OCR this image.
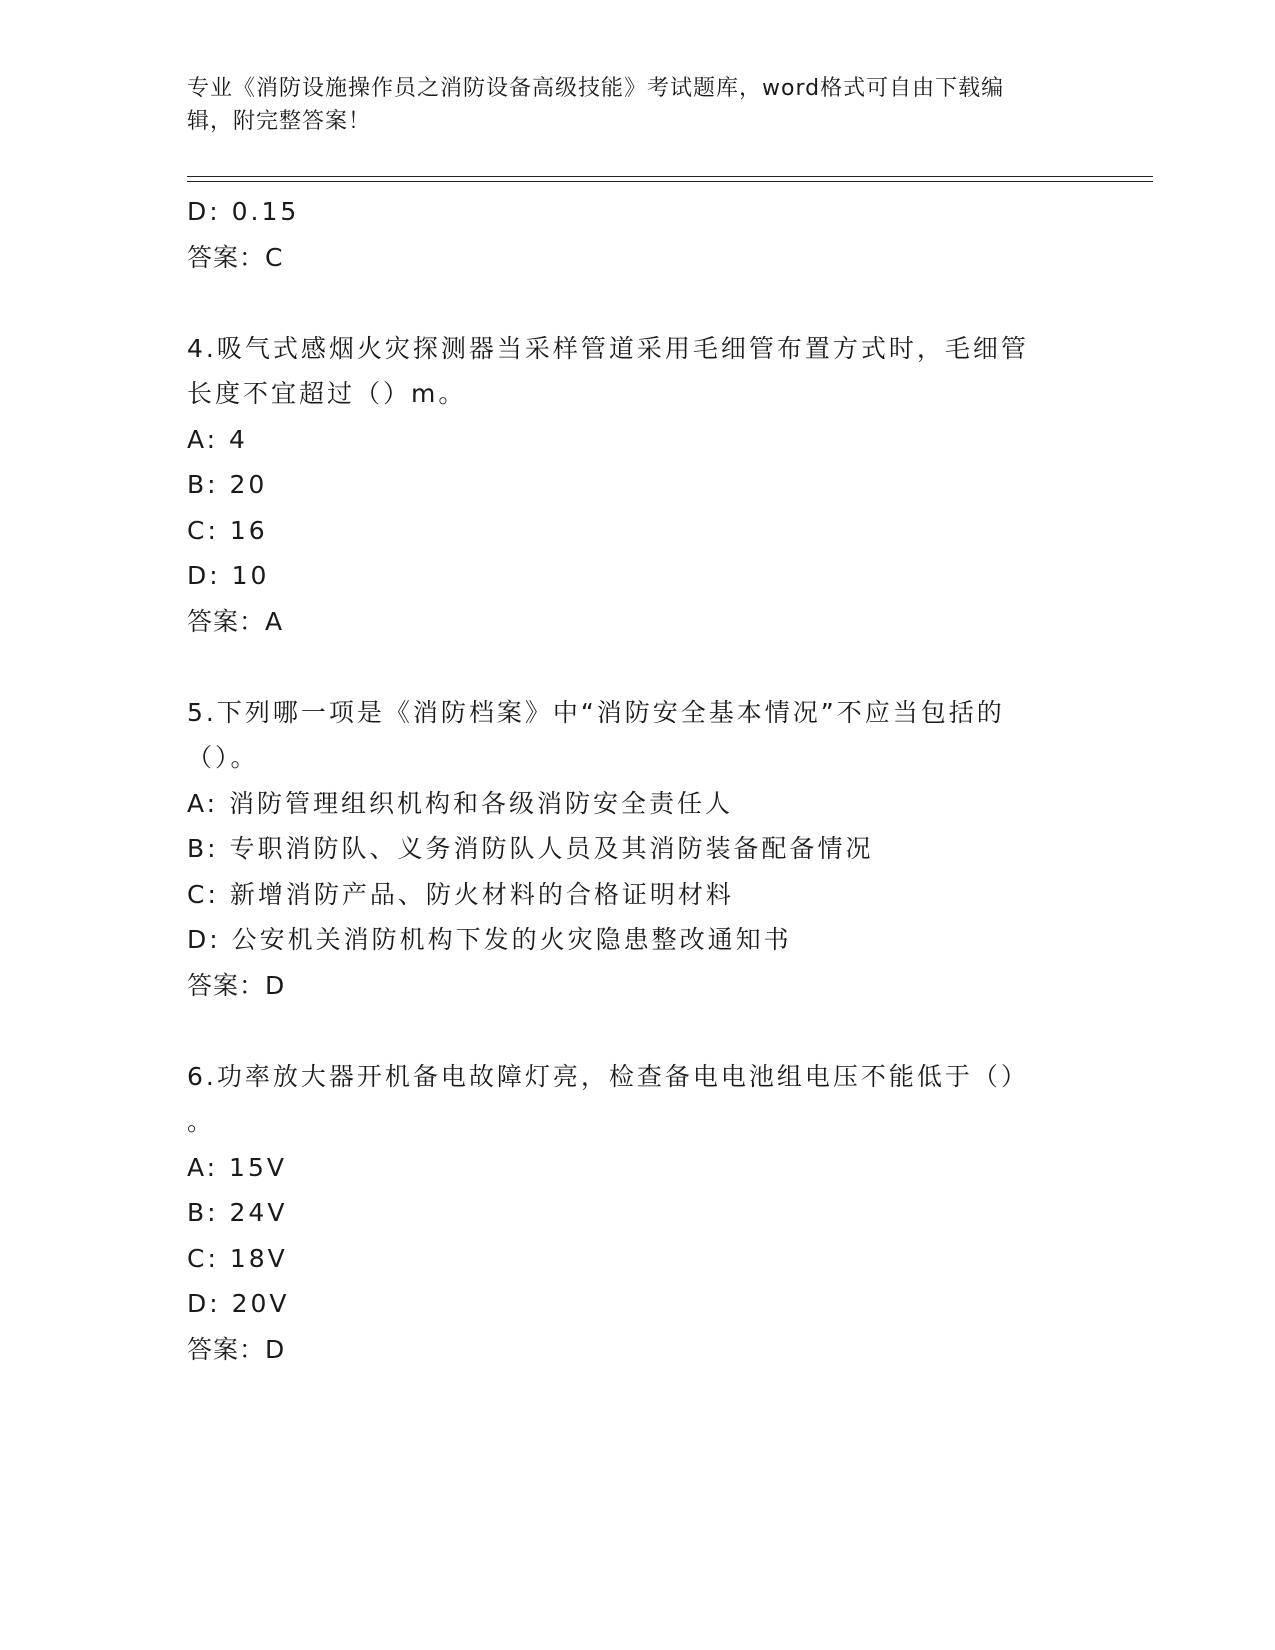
专业《消防设施操作员之消防设备高级技能》考试题库，word格式可自由下载编
辑，附完整答案！
D: 0.15
答案：C
4.吸气式感烟火灾探测器当采样管道采用毛细管布置方式时，毛细管
长度不宜超过（）m。
A: 4
B: 20
C: 16
D: 10
答案：A
5.下列哪一项是《消防档案》中“消防安全基本情况”不应当包括的
（）。
A: 消防管理组织机构和各级消防安全责任人
B: 专职消防队、义务消防队人员及其消防装备配备情况
C: 新增消防产品、防火材料的合格证明材料
D: 公安机关消防机构下发的火灾隐患整改通知书
答案：D
6.功率放大器开机备电故障灯亮，检查备电电池组电压不能低于（）
。
A: 15V
B: 24V
C: 18V
D: 20V
答案：D
